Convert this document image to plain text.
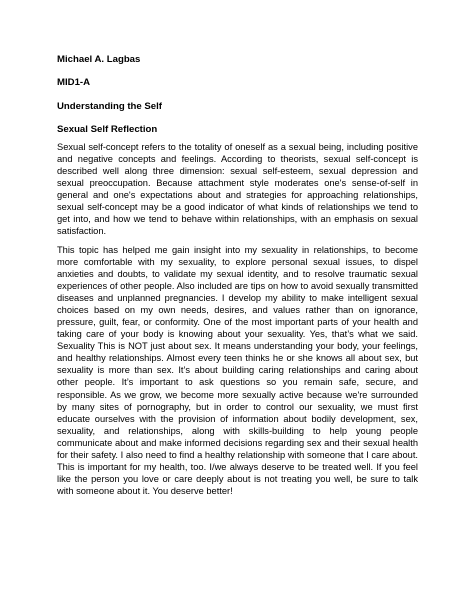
Michael A. Lagbas
MID1-A
Understanding the Self
Sexual Self Reflection

Sexual self-concept refers to the totality of oneself as a sexual being, including positive and negative concepts and feelings. According to theorists, sexual self-concept is described well along three dimension: sexual self-esteem, sexual depression and sexual preoccupation. Because attachment style moderates one's sense-of-self in general and one's expectations about and strategies for approaching relationships, sexual self-concept may be a good indicator of what kinds of relationships we tend to get into, and how we tend to behave within relationships, with an emphasis on sexual satisfaction.

This topic has helped me gain insight into my sexuality in relationships, to become more comfortable with my sexuality, to explore personal sexual issues, to dispel anxieties and doubts, to validate my sexual identity, and to resolve traumatic sexual experiences of other people. Also included are tips on how to avoid sexually transmitted diseases and unplanned pregnancies. I develop my ability to make intelligent sexual choices based on my own needs, desires, and values rather than on ignorance, pressure, guilt, fear, or conformity. One of the most important parts of your health and taking care of your body is knowing about your sexuality. Yes, that’s what we said. Sexuality This is NOT just about sex. It means understanding your body, your feelings, and healthy relationships. Almost every teen thinks he or she knows all about sex, but sexuality is more than sex. It’s about building caring relationships and caring about other people. It’s important to ask questions so you remain safe, secure, and responsible. As we grow, we become more sexually active because we're surrounded by many sites of pornography, but in order to control our sexuality, we must first educate ourselves with the provision of information about bodily development, sex, sexuality, and relationships, along with skills-building to help young people communicate about and make informed decisions regarding sex and their sexual health for their safety. I also need to find a healthy relationship with someone that I care about. This is important for my health, too. I/we always deserve to be treated well. If you feel like the person you love or care deeply about is not treating you well, be sure to talk with someone about it. You deserve better!
